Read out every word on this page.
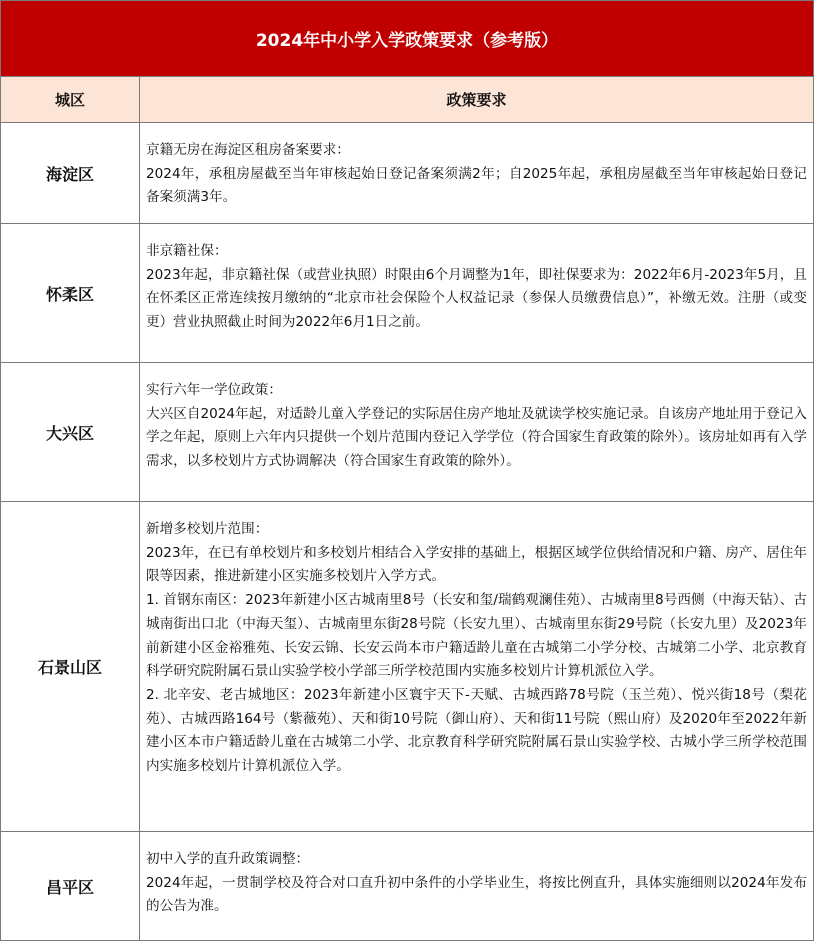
2024年中小学入学政策要求（参考版）
城区	政策要求
海淀区

京籍无房在海淀区租房备案要求：

2024年，承租房屋截至当年审核起始日登记备案须满2年；自2025年起，承租房屋截至当年审核起始日登记备案须满3年。

怀柔区

非京籍社保：

2023年起，非京籍社保（或营业执照）时限由6个月调整为1年，即社保要求为：2022年6月-2023年5月，且在怀柔区正常连续按月缴纳的“北京市社会保险个人权益记录（参保人员缴费信息）”，补缴无效。注册（或变更）营业执照截止时间为2022年6月1日之前。

大兴区

实行六年一学位政策：

大兴区自2024年起，对适龄儿童入学登记的实际居住房产地址及就读学校实施记录。自该房产地址用于登记入学之年起，原则上六年内只提供一个划片范围内登记入学学位（符合国家生育政策的除外）。该房址如再有入学需求，以多校划片方式协调解决（符合国家生育政策的除外）。

石景山区

新增多校划片范围：

2023年，在已有单校划片和多校划片相结合入学安排的基础上，根据区域学位供给情况和户籍、房产、居住年限等因素，推进新建小区实施多校划片入学方式。

1. 首钢东南区：2023年新建小区古城南里8号（长安和玺/瑞鹤观澜佳苑）、古城南里8号西侧（中海天钻）、古城南街出口北（中海天玺）、古城南里东街28号院（长安九里）、古城南里东街29号院（长安九里）及2023年前新建小区金裕雅苑、长安云锦、长安云尚本市户籍适龄儿童在古城第二小学分校、古城第二小学、北京教育科学研究院附属石景山实验学校小学部三所学校范围内实施多校划片计算机派位入学。

2. 北辛安、老古城地区：2023年新建小区寰宇天下-天赋、古城西路78号院（玉兰苑）、悦兴街18号（梨花苑）、古城西路164号（紫薇苑）、天和街10号院（御山府）、天和街11号院（熙山府）及2020年至2022年新建小区本市户籍适龄儿童在古城第二小学、北京教育科学研究院附属石景山实验学校、古城小学三所学校范围内实施多校划片计算机派位入学。

昌平区

初中入学的直升政策调整：

2024年起，一贯制学校及符合对口直升初中条件的小学毕业生，将按比例直升，具体实施细则以2024年发布的公告为准。
